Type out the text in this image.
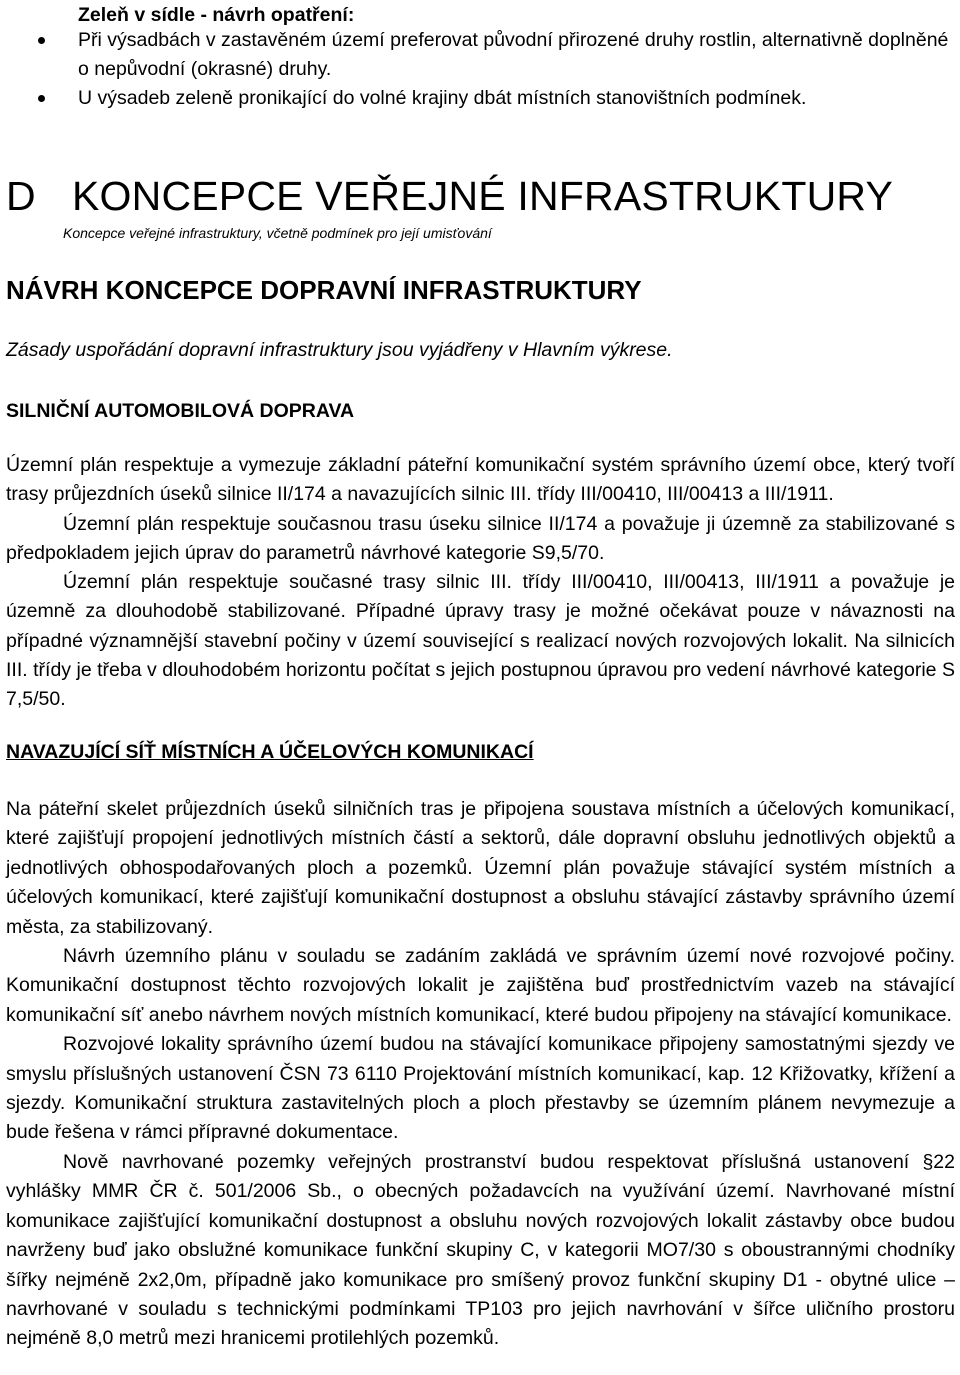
Zeleň v sídle - návrh opatření:
Při výsadbách v zastavěném území preferovat původní přirozené druhy rostlin, alternativně doplněné o nepůvodní (okrasné) druhy.
U výsadeb zeleně pronikající do volné krajiny dbát místních stanovištních podmínek.
D KONCEPCE VEŘEJNÉ INFRASTRUKTURY

Koncepce veřejné infrastruktury, včetně podmínek pro její umisťování

NÁVRH KONCEPCE DOPRAVNÍ INFRASTRUKTURY

Zásady uspořádání dopravní infrastruktury jsou vyjádřeny v Hlavním výkrese.

SILNIČNÍ AUTOMOBILOVÁ DOPRAVA

Územní plán respektuje a vymezuje základní páteřní komunikační systém správního území obce, který tvoří trasy průjezdních úseků silnice II/174 a navazujících silnic III. třídy III/00410, III/00413 a III/1911.

Územní plán respektuje současnou trasu úseku silnice II/174 a považuje ji územně za stabilizované s předpokladem jejich úprav do parametrů návrhové kategorie S9,5/70.

Územní plán respektuje současné trasy silnic III. třídy III/00410, III/00413, III/1911 a považuje je územně za dlouhodobě stabilizované. Případné úpravy trasy je možné očekávat pouze v návaznosti na případné významnější stavební počiny v území související s realizací nových rozvojových lokalit. Na silnicích III. třídy je třeba v dlouhodobém horizontu počítat s jejich postupnou úpravou pro vedení návrhové kategorie S 7,5/50.

NAVAZUJÍCÍ SÍŤ MÍSTNÍCH A ÚČELOVÝCH KOMUNIKACÍ

Na páteřní skelet průjezdních úseků silničních tras je připojena soustava místních a účelových komunikací, které zajišťují propojení jednotlivých místních částí a sektorů, dále dopravní obsluhu jednotlivých objektů a jednotlivých obhospodařovaných ploch a pozemků. Územní plán považuje stávající systém místních a účelových komunikací, které zajišťují komunikační dostupnost a obsluhu stávající zástavby správního území města, za stabilizovaný.

Návrh územního plánu v souladu se zadáním zakládá ve správním území nové rozvojové počiny. Komunikační dostupnost těchto rozvojových lokalit je zajištěna buď prostřednictvím vazeb na stávající komunikační síť anebo návrhem nových místních komunikací, které budou připojeny na stávající komunikace.

Rozvojové lokality správního území budou na stávající komunikace připojeny samostatnými sjezdy ve smyslu příslušných ustanovení ČSN 73 6110 Projektování místních komunikací, kap. 12 Křižovatky, křížení a sjezdy. Komunikační struktura zastavitelných ploch a ploch přestavby se územním plánem nevymezuje a bude řešena v rámci přípravné dokumentace.

Nově navrhované pozemky veřejných prostranství budou respektovat příslušná ustanovení §22 vyhlášky MMR ČR č. 501/2006 Sb., o obecných požadavcích na využívání území. Navrhované místní komunikace zajišťující komunikační dostupnost a obsluhu nových rozvojových lokalit zástavby obce budou navrženy buď jako obslužné komunikace funkční skupiny C, v kategorii MO7/30 s oboustrannými chodníky šířky nejméně 2x2,0m, případně jako komunikace pro smíšený provoz funkční skupiny D1 - obytné ulice – navrhované v souladu s technickými podmínkami TP103 pro jejich navrhování v šířce uličního prostoru nejméně 8,0 metrů mezi hranicemi protilehlých pozemků.
